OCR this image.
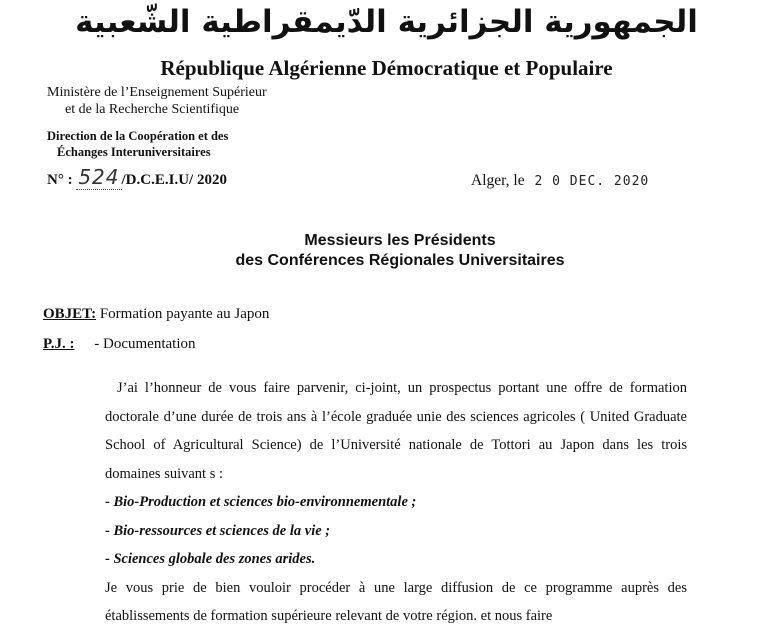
الجمهورية الجزائرية الدّيمقراطية الشّعبية
République Algérienne Démocratique et Populaire
Ministère de l’Enseignement Supérieur
et de la Recherche Scientifique
Direction de la Coopération et des
Échanges Interuniversitaires
N° : 524 /D.C.E.I.U/ 2020	Alger, le 2 0 DEC. 2020
Messieurs les Présidents
des Conférences Régionales Universitaires
OBJET: Formation payante au Japon
P.J. : - Documentation

J’ai l’honneur de vous faire parvenir, ci-joint, un prospectus portant une offre de formation doctorale d’une durée de trois ans à l’école graduée unie des sciences agricoles ( United Graduate School of Agricultural Science) de l’Université nationale de Tottori au Japon dans les trois domaines suivant s :

- Bio-Production et sciences bio-environnementale ;

- Bio-ressources et sciences de la vie ;

- Sciences globale des zones arides.

Je vous prie de bien vouloir procéder à une large diffusion de ce programme auprès des établissements de formation supérieure relevant de votre région. et nous faire
